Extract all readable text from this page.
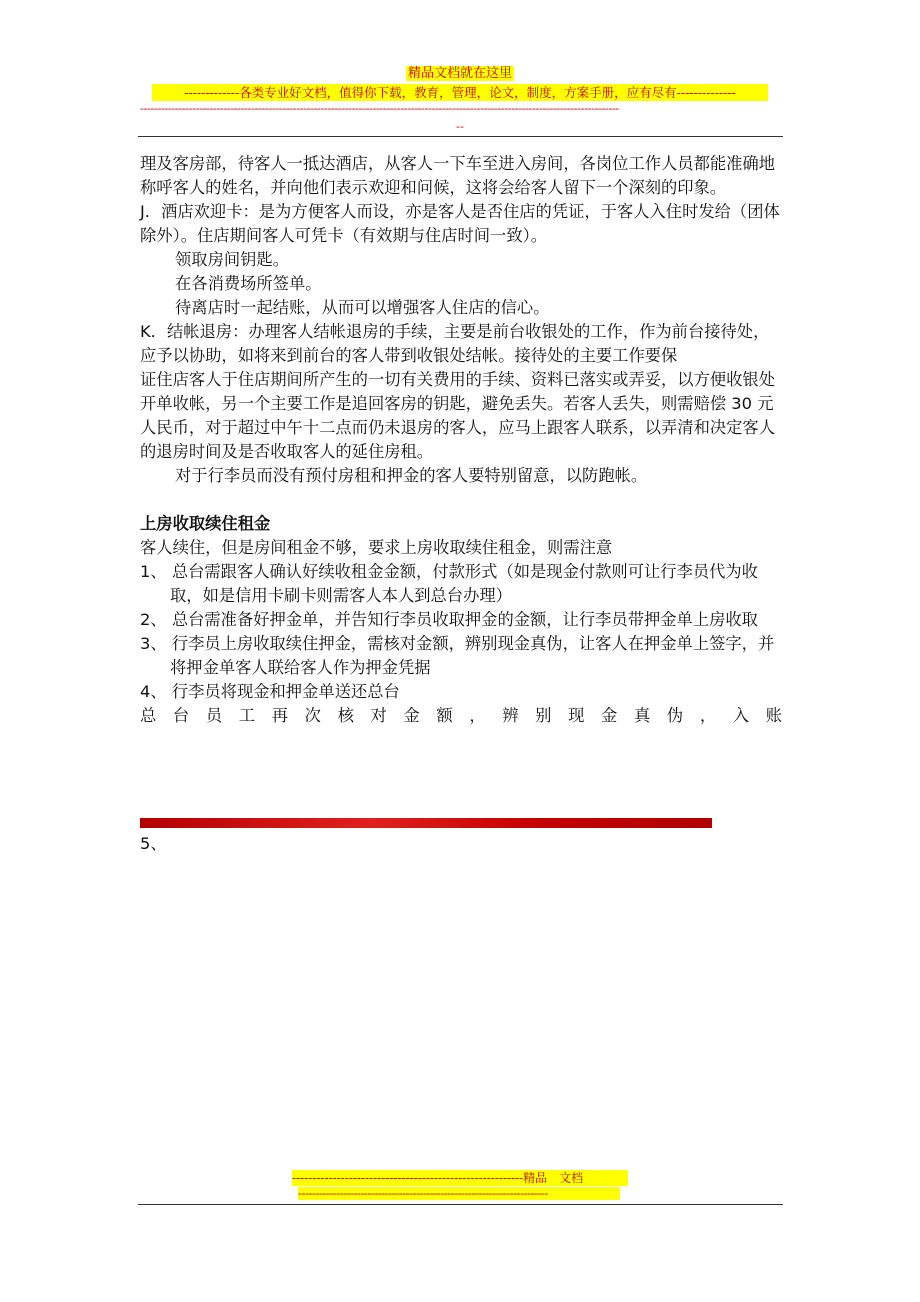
精品文档就在这里
-------------各类专业好文档，值得你下载，教育，管理，论文，制度，方案手册，应有尽有--------------
------------------------------------------------------------------------------------------------------------------------------------------
--

理及客房部，待客人一抵达酒店，从客人一下车至进入房间，各岗位工作人员都能准确地称呼客人的姓名，并向他们表示欢迎和问候，这将会给客人留下一个深刻的印象。

J．酒店欢迎卡：是为方便客人而设，亦是客人是否住店的凭证，于客人入住时发给（团体除外）。住店期间客人可凭卡（有效期与住店时间一致）。

领取房间钥匙。

在各消费场所签单。

待离店时一起结账，从而可以增强客人住店的信心。

K．结帐退房：办理客人结帐退房的手续，主要是前台收银处的工作，作为前台接待处，应予以协助，如将来到前台的客人带到收银处结帐。接待处的主要工作要保

证住店客人于住店期间所产生的一切有关费用的手续、资料已落实或弄妥，以方便收银处开单收帐，另一个主要工作是追回客房的钥匙，避免丢失。若客人丢失，则需赔偿 30 元人民币，对于超过中午十二点而仍未退房的客人，应马上跟客人联系，以弄清和决定客人的退房时间及是否收取客人的延住房租。

对于行李员而没有预付房租和押金的客人要特别留意，以防跑帐。

上房收取续住租金

客人续住，但是房间租金不够，要求上房收取续住租金，则需注意

1、 总台需跟客人确认好续收租金金额，付款形式（如是现金付款则可让行李员代为收取，如是信用卡刷卡则需客人本人到总台办理）

2、 总台需准备好押金单，并告知行李员收取押金的金额，让行李员带押金单上房收取

3、 行李员上房收取续住押金，需核对金额，辨别现金真伪，让客人在押金单上签字，并将押金单客人联给客人作为押金凭据

4、 行李员将现金和押金单送还总台

总台员工再次核对金额，辨别现金真伪，入账

5、
---------------------------------------------------------精品　文档
------------------------------------------------------------------------
